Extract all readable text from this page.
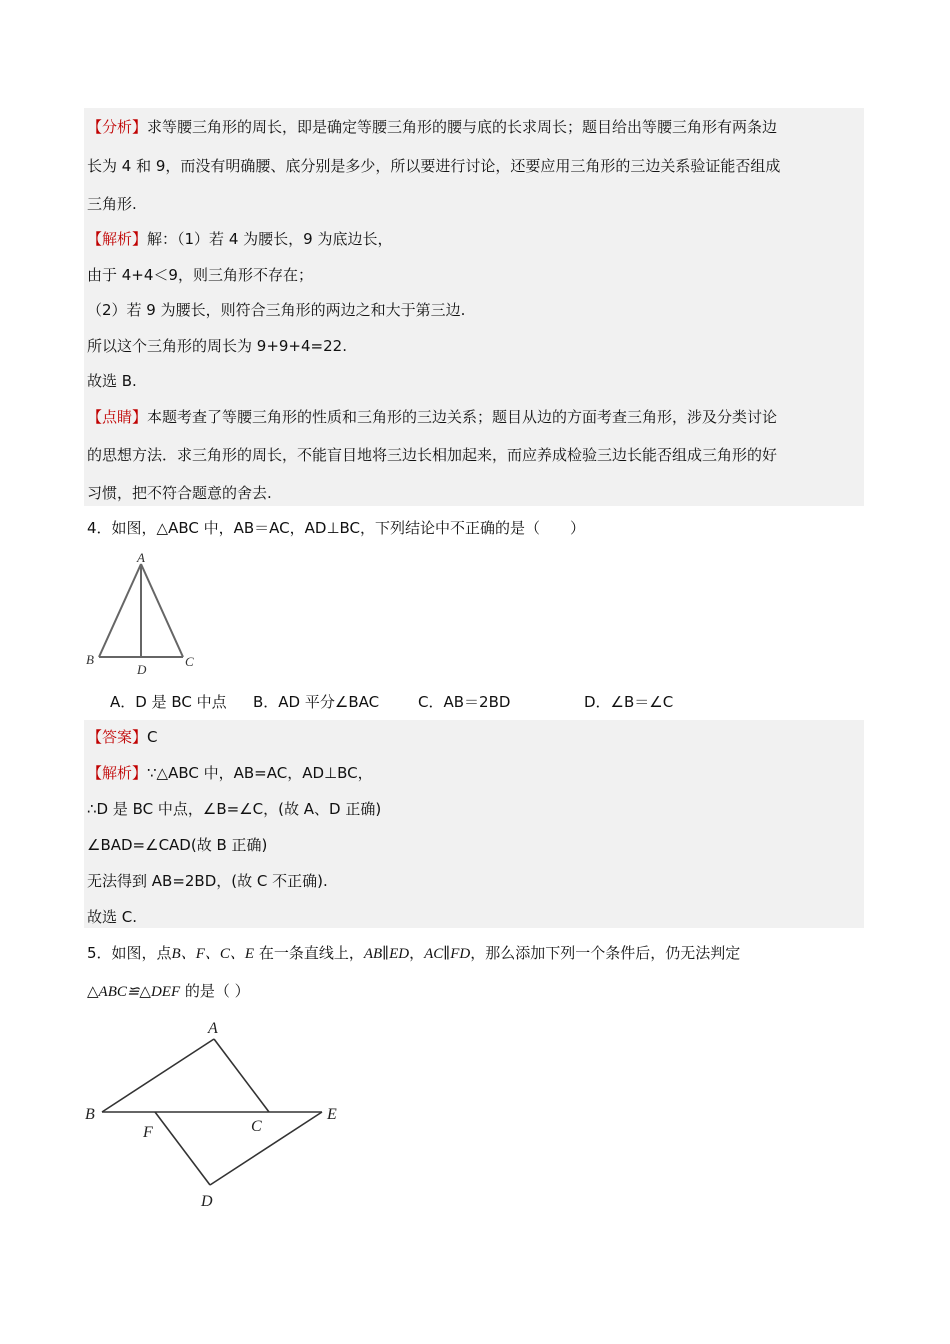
【分析】求等腰三角形的周长，即是确定等腰三角形的腰与底的长求周长；题目给出等腰三角形有两条边
长为 4 和 9，而没有明确腰、底分别是多少，所以要进行讨论，还要应用三角形的三边关系验证能否组成
三角形.
【解析】解：（1）若 4 为腰长，9 为底边长，
由于 4+4＜9，则三角形不存在；
（2）若 9 为腰长，则符合三角形的两边之和大于第三边.
所以这个三角形的周长为 9+9+4=22.
故选 B.
【点睛】本题考查了等腰三角形的性质和三角形的三边关系；题目从边的方面考查三角形，涉及分类讨论
的思想方法．求三角形的周长，不能盲目地将三边长相加起来，而应养成检验三边长能否组成三角形的好
习惯，把不符合题意的舍去.
4．如图，△ABC 中，AB＝AC，AD⊥BC，下列结论中不正确的是（　　）
A
B	C
D
A．D 是 BC 中点 B．AD 平分∠BAC	C．AB＝2BD	D．∠B＝∠C
【答案】C
【解析】∵△ABC 中，AB=AC，AD⊥BC，
∴D 是 BC 中点，∠B=∠C，(故 A、D 正确)
∠BAD=∠CAD(故 B 正确)
无法得到 AB=2BD，(故 C 不正确).
故选 C.
5．如图，点B、F、C、E 在一条直线上，AB∥ED，AC∥FD，那么添加下列一个条件后，仍无法判定
△ABC≌△DEF 的是（ ）
A
B
C
E
F
D
